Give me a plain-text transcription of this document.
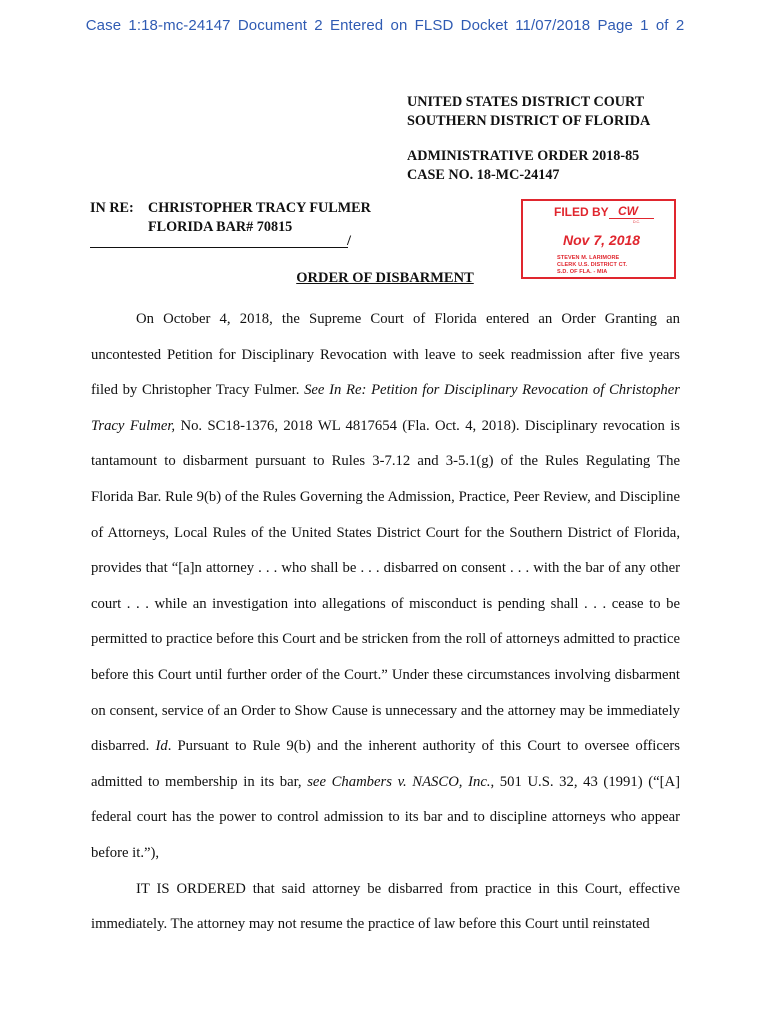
Case 1:18-mc-24147 Document 2 Entered on FLSD Docket 11/07/2018 Page 1 of 2
UNITED STATES DISTRICT COURT
SOUTHERN DISTRICT OF FLORIDA
ADMINISTRATIVE ORDER 2018-85
CASE NO. 18-MC-24147
IN RE:	CHRISTOPHER TRACY FULMER
FLORIDA BAR# 70815
/
FILED BY CW
D.C.
Nov 7, 2018
STEVEN M. LARIMORE
CLERK U.S. DISTRICT CT.
S.D. OF FLA. - MIA
ORDER OF DISBARMENT

On October 4, 2018, the Supreme Court of Florida entered an Order Granting an uncontested Petition for Disciplinary Revocation with leave to seek readmission after five years filed by Christopher Tracy Fulmer. See In Re: Petition for Disciplinary Revocation of Christopher Tracy Fulmer, No. SC18-1376, 2018 WL 4817654 (Fla. Oct. 4, 2018). Disciplinary revocation is tantamount to disbarment pursuant to Rules 3-7.12 and 3-5.1(g) of the Rules Regulating The Florida Bar. Rule 9(b) of the Rules Governing the Admission, Practice, Peer Review, and Discipline of Attorneys, Local Rules of the United States District Court for the Southern District of Florida, provides that “[a]n attorney . . . who shall be . . . disbarred on consent . . . with the bar of any other court . . . while an investigation into allegations of misconduct is pending shall . . . cease to be permitted to practice before this Court and be stricken from the roll of attorneys admitted to practice before this Court until further order of the Court.” Under these circumstances involving disbarment on consent, service of an Order to Show Cause is unnecessary and the attorney may be immediately disbarred. Id. Pursuant to Rule 9(b) and the inherent authority of this Court to oversee officers admitted to membership in its bar, see Chambers v. NASCO, Inc., 501 U.S. 32, 43 (1991) (“[A] federal court has the power to control admission to its bar and to discipline attorneys who appear before it.”),

IT IS ORDERED that said attorney be disbarred from practice in this Court, effective immediately. The attorney may not resume the practice of law before this Court until reinstated
